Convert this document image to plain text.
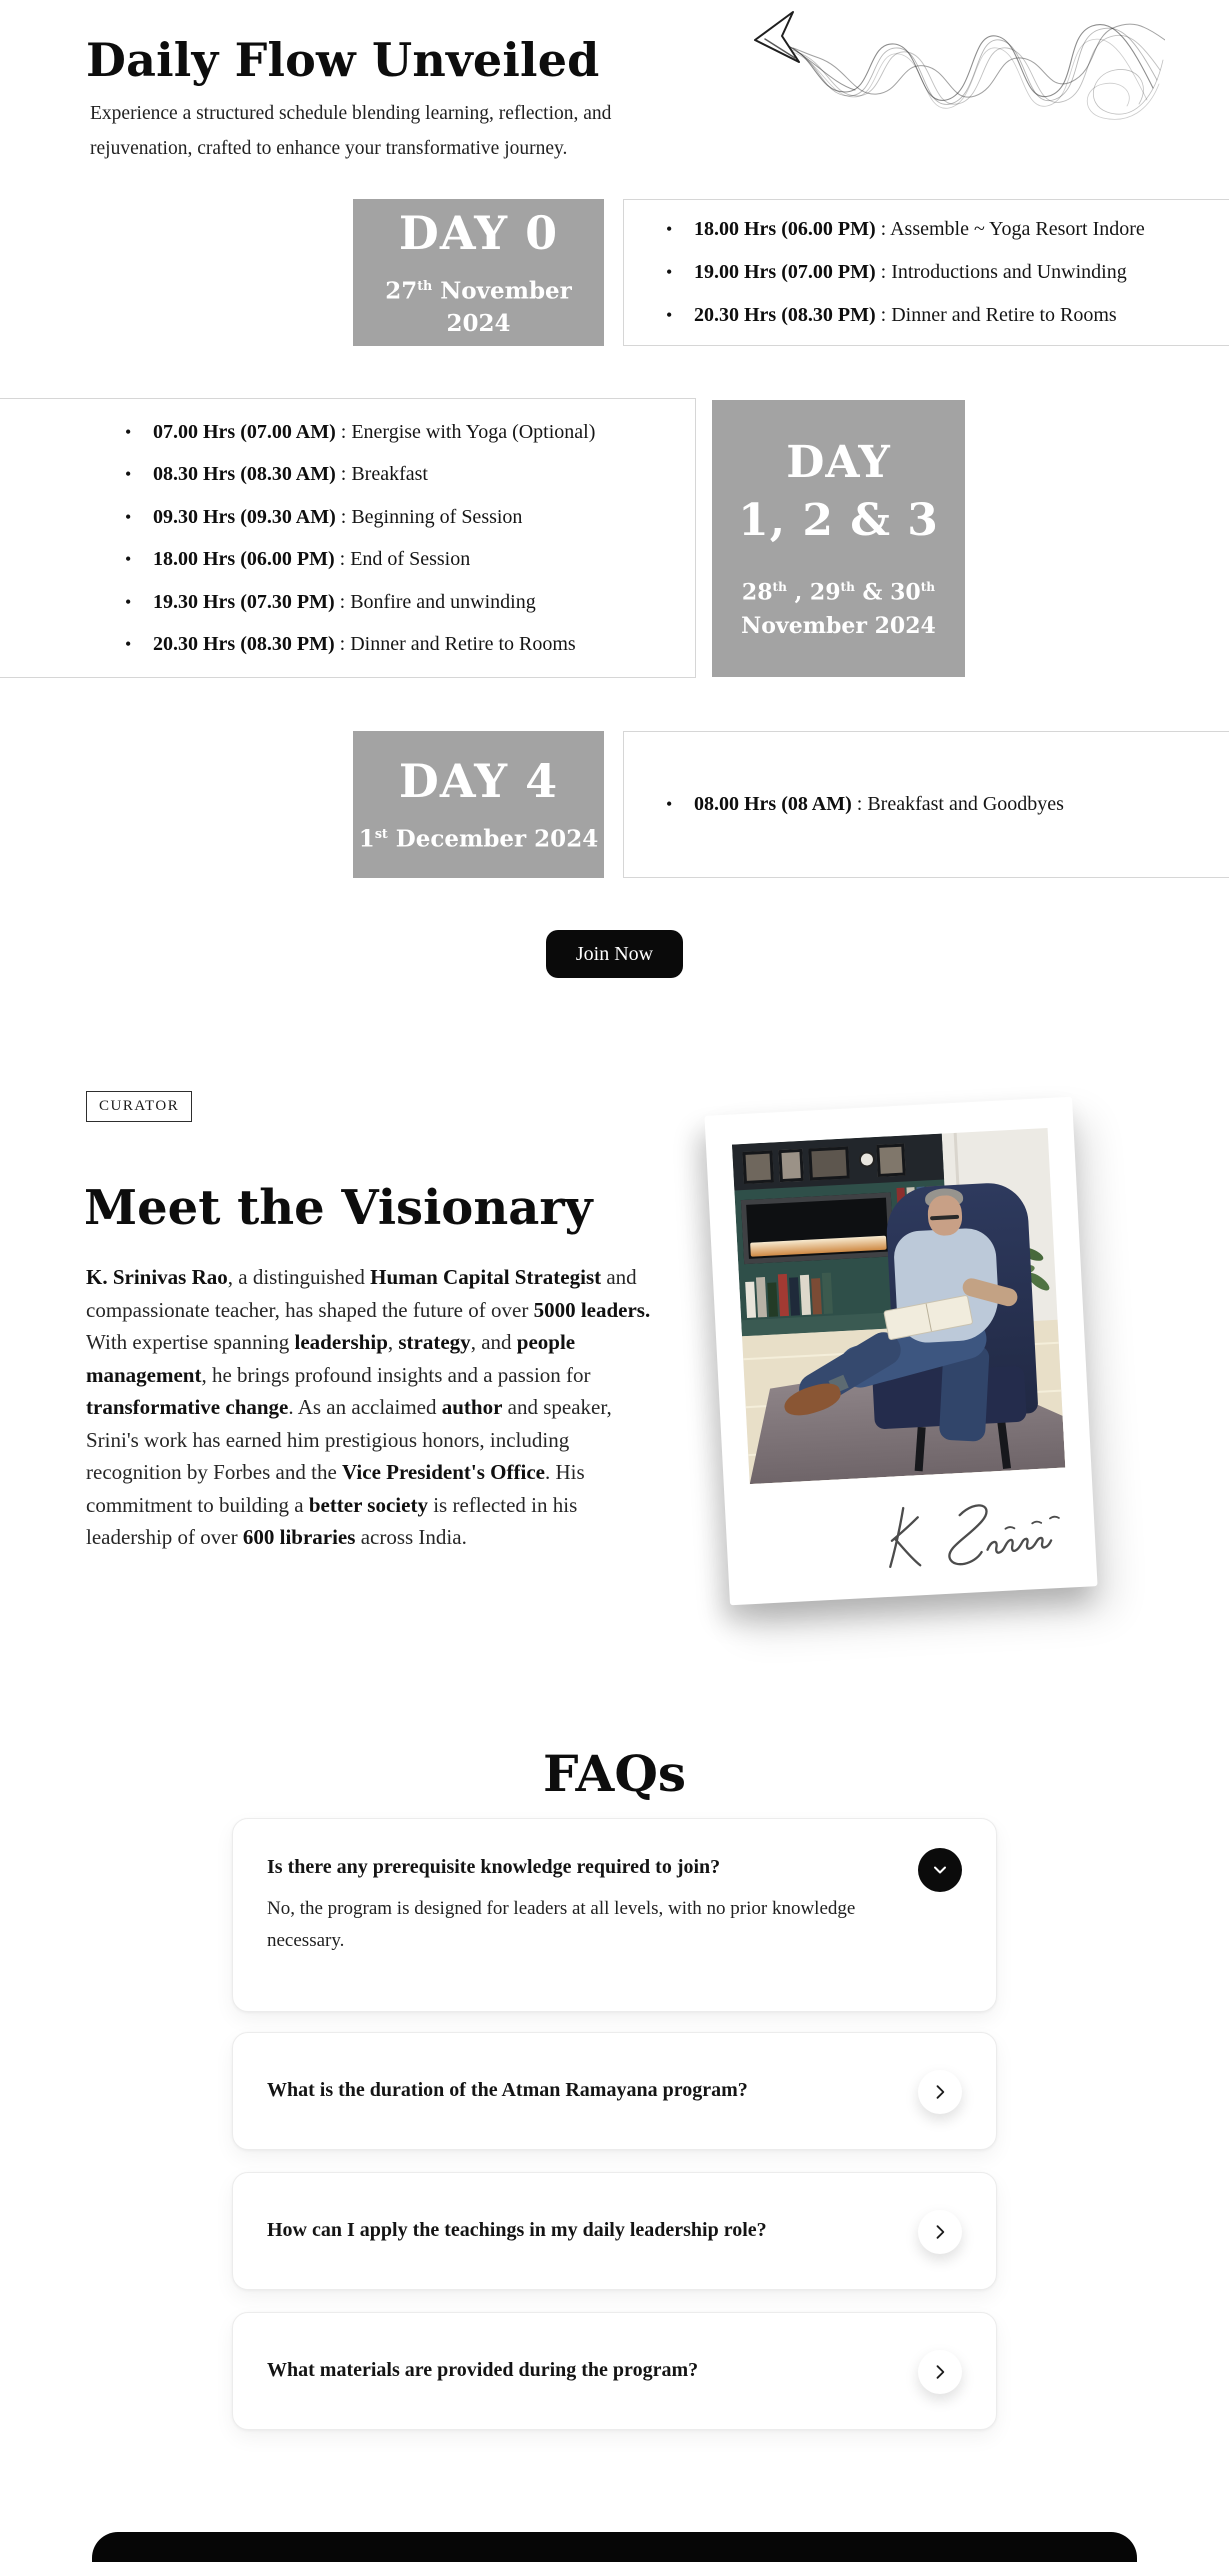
Daily Flow Unveiled

Experience a structured schedule blending learning, reflection, and rejuvenation, crafted to enhance your transformative journey.

DAY 0
27th November 2024
• 18.00 Hrs (06.00 PM) : Assemble ~ Yoga Resort Indore
• 19.00 Hrs (07.00 PM) : Introductions and Unwinding
• 20.30 Hrs (08.30 PM) : Dinner and Retire to Rooms
• 07.00 Hrs (07.00 AM) : Energise with Yoga (Optional)
• 08.30 Hrs (08.30 AM) : Breakfast
• 09.30 Hrs (09.30 AM) : Beginning of Session
• 18.00 Hrs (06.00 PM) : End of Session
• 19.30 Hrs (07.30 PM) : Bonfire and unwinding
• 20.30 Hrs (08.30 PM) : Dinner and Retire to Rooms
DAY
1, 2 & 3
28th , 29th & 30th
November 2024
DAY 4
1st December 2024
• 08.00 Hrs (08 AM) : Breakfast and Goodbyes
Join Now
CURATOR
Meet the Visionary

K. Srinivas Rao, a distinguished Human Capital Strategist and compassionate teacher, has shaped the future of over 5000 leaders. With expertise spanning leadership, strategy, and people management, he brings profound insights and a passion for transformative change. As an acclaimed author and speaker, Srini's work has earned him prestigious honors, including recognition by Forbes and the Vice President's Office. His commitment to building a better society is reflected in his leadership of over 600 libraries across India.

FAQs
Is there any prerequisite knowledge required to join?
No, the program is designed for leaders at all levels, with no prior knowledge necessary.
What is the duration of the Atman Ramayana program?
How can I apply the teachings in my daily leadership role?
What materials are provided during the program?
